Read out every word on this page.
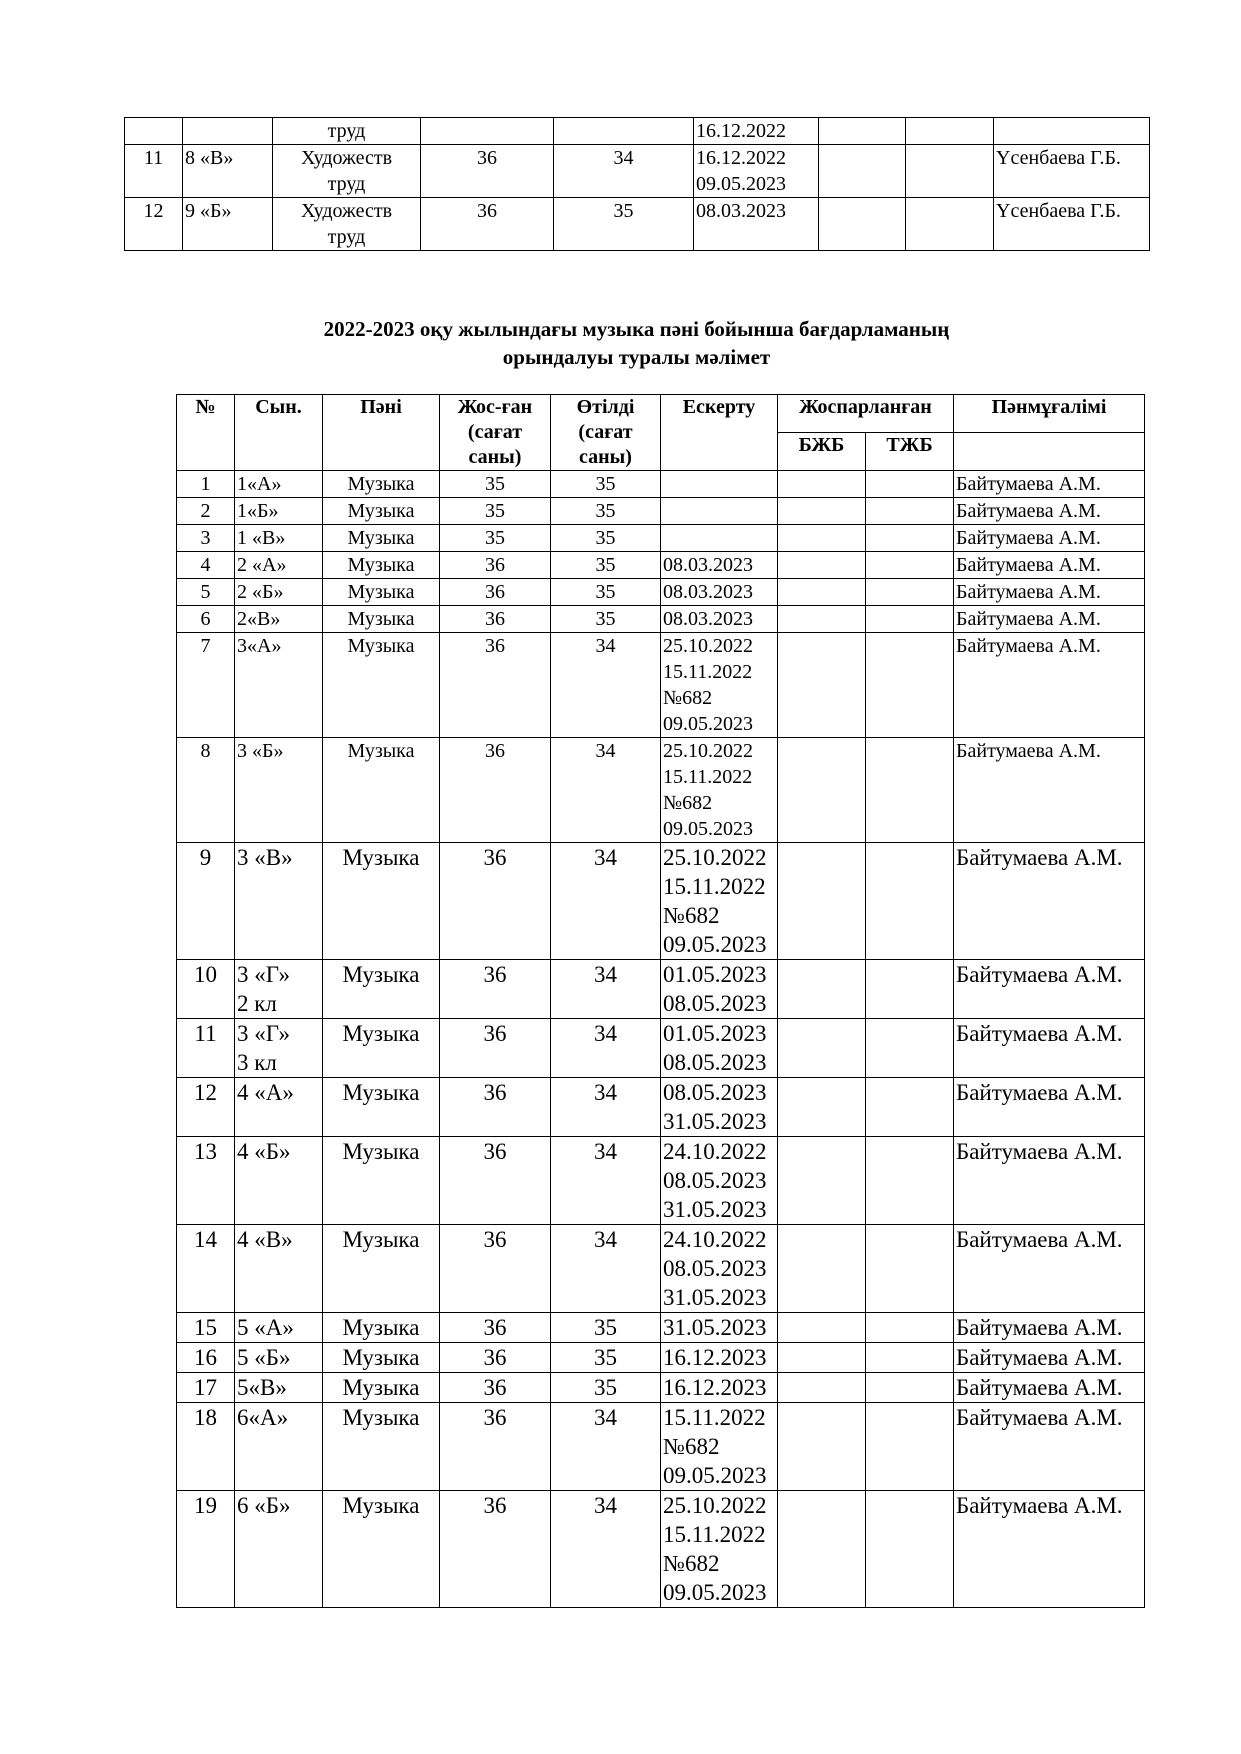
		труд			16.12.2022			

11	8 «В»	Художеств
труд	36	34	16.12.2022
09.05.2023			Үсенбаева Г.Б.
12	9 «Б»	Художеств
труд	36	35	08.03.2023			Үсенбаева Г.Б.
2022-2023 оқу жылындағы музыка пәні бойынша бағдарламаның
орындалуы туралы мәлімет
№	Сын.	Пәні	Жос-ған
(сағат
саны)	Өтілді
(сағат
саны)	Ескерту	Жоспарланған		Пәнмұғалімі
						БЖБ	ТЖБ	
1	1«А»	Музыка	35	35				Байтумаева А.М.
2	1«Б»	Музыка	35	35				Байтумаева А.М.
3	1 «В»	Музыка	35	35				Байтумаева А.М.
4	2 «А»	Музыка	36	35	08.03.2023			Байтумаева А.М.
5	2 «Б»	Музыка	36	35	08.03.2023			Байтумаева А.М.
6	2«В»	Музыка	36	35	08.03.2023			Байтумаева А.М.
7	3«А»	Музыка	36	34	25.10.2022
15.11.2022
№682
09.05.2023			Байтумаева А.М.
8	3 «Б»	Музыка	36	34	25.10.2022
15.11.2022
№682
09.05.2023			Байтумаева А.М.
9	3 «В»	Музыка	36	34	25.10.2022
15.11.2022
№682
09.05.2023			Байтумаева А.М.
10	3 «Г»
2 кл	Музыка	36	34	01.05.2023
08.05.2023			Байтумаева А.М.
11	3 «Г»
3 кл	Музыка	36	34	01.05.2023
08.05.2023			Байтумаева А.М.
12	4 «А»	Музыка	36	34	08.05.2023
31.05.2023			Байтумаева А.М.
13	4 «Б»	Музыка	36	34	24.10.2022
08.05.2023
31.05.2023			Байтумаева А.М.
14	4 «В»	Музыка	36	34	24.10.2022
08.05.2023
31.05.2023			Байтумаева А.М.
15	5 «А»	Музыка	36	35	31.05.2023			Байтумаева А.М.
16	5 «Б»	Музыка	36	35	16.12.2023			Байтумаева А.М.
17	5«В»	Музыка	36	35	16.12.2023			Байтумаева А.М.
18	6«А»	Музыка	36	34	15.11.2022
№682
09.05.2023			Байтумаева А.М.
19	6 «Б»	Музыка	36	34	25.10.2022
15.11.2022
№682
09.05.2023			Байтумаева А.М.
